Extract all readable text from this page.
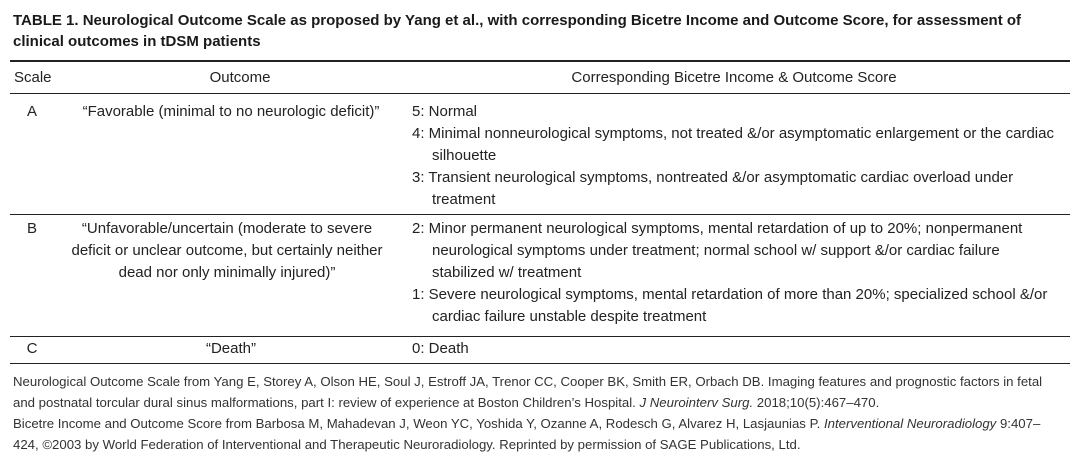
TABLE 1. Neurological Outcome Scale as proposed by Yang et al., with corresponding Bicetre Income and Outcome Score, for assessment of clinical outcomes in tDSM patients
Scale	Outcome	Corresponding Bicetre Income & Outcome Score
A	“Favorable (minimal to no neurologic deficit)”	5: Normal
4: Minimal nonneurological symptoms, not treated &/or asymptomatic enlargement or the cardiac silhouette
3: Transient neurological symptoms, nontreated &/or asymptomatic cardiac overload under treatment
B	“Unfavorable/uncertain (moderate to severe deficit or unclear outcome, but certainly neither dead nor only minimally injured)”
2: Minor permanent neurological symptoms, mental retardation of up to 20%; nonpermanent neurological symptoms under treatment; normal school w/ support &/or cardiac failure stabilized w/ treatment
1: Severe neurological symptoms, mental retardation of more than 20%; specialized school &/or cardiac failure unstable despite treatment
C	“Death”	0: Death

Neurological Outcome Scale from Yang E, Storey A, Olson HE, Soul J, Estroff JA, Trenor CC, Cooper BK, Smith ER, Orbach DB. Imaging features and prognostic factors in fetal and postnatal torcular dural sinus malformations, part I: review of experience at Boston Children’s Hospital. J Neurointerv Surg. 2018;10(5):467–470.

Bicetre Income and Outcome Score from Barbosa M, Mahadevan J, Weon YC, Yoshida Y, Ozanne A, Rodesch G, Alvarez H, Lasjaunias P. Interventional Neuroradiology 9:407–424, ©2003 by World Federation of Interventional and Therapeutic Neuroradiology. Reprinted by permission of SAGE Publications, Ltd.
